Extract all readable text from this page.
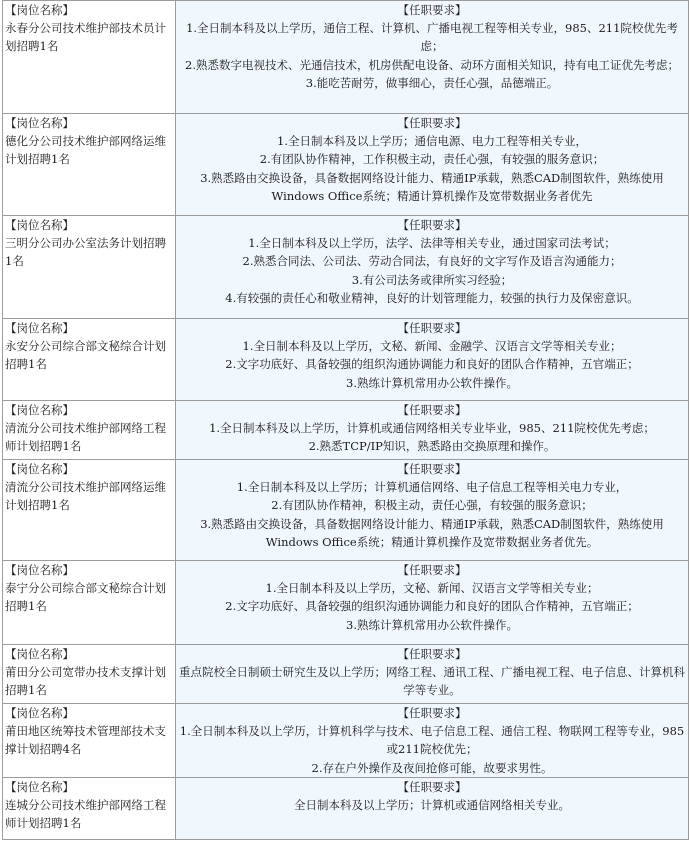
【岗位名称】
永春分公司技术维护部技术员计划招聘1名	【任职要求】
1.全日制本科及以上学历，通信工程、计算机、广播电视工程等相关专业，985、211院校优先考虑；
2.熟悉数字电视技术、光通信技术，机房供配电设备、动环方面相关知识，持有电工证优先考虑；
3.能吃苦耐劳，做事细心，责任心强，品德端正。

【岗位名称】
德化分公司技术维护部网络运维计划招聘1名	【任职要求】
1.全日制本科及以上学历；通信电源、电力工程等相关专业，
2.有团队协作精神，工作积极主动，责任心强，有较强的服务意识；
3.熟悉路由交换设备，具备数据网络设计能力、精通IP承载，熟悉CAD制图软件，熟练使用Windows Office系统；精通计算机操作及宽带数据业务者优先

【岗位名称】
三明分公司办公室法务计划招聘1名	【任职要求】
1.全日制本科及以上学历，法学、法律等相关专业，通过国家司法考试；
2.熟悉合同法、公司法、劳动合同法，有良好的文字写作及语言沟通能力；
3.有公司法务或律所实习经验；
4.有较强的责任心和敬业精神，良好的计划管理能力，较强的执行力及保密意识。

【岗位名称】
永安分公司综合部文秘综合计划招聘1名	【任职要求】
1.全日制本科及以上学历，文秘、新闻、金融学、汉语言文学等相关专业；
2.文字功底好、具备较强的组织沟通协调能力和良好的团队合作精神，五官端正；
3.熟练计算机常用办公软件操作。

【岗位名称】
清流分公司技术维护部网络工程师计划招聘1名	【任职要求】
1.全日制本科及以上学历，计算机或通信网络相关专业毕业，985、211院校优先考虑；
2.熟悉TCP/IP知识，熟悉路由交换原理和操作。

【岗位名称】
清流分公司技术维护部网络运维计划招聘1名	【任职要求】
1.全日制本科及以上学历；计算机通信网络、电子信息工程等相关电力专业，
2.有团队协作精神，积极主动，责任心强，有较强的服务意识；
3.熟悉路由交换设备，具备数据网络设计能力、精通IP承载，熟悉CAD制图软件，熟练使用Windows Office系统；精通计算机操作及宽带数据业务者优先。

【岗位名称】
泰宁分公司综合部文秘综合计划招聘1名	【任职要求】
1.全日制本科及以上学历，文秘、新闻、汉语言文学等相关专业；
2.文字功底好、具备较强的组织沟通协调能力和良好的团队合作精神，五官端正；
3.熟练计算机常用办公软件操作。

【岗位名称】
莆田分公司宽带办技术支撑计划招聘1名	【任职要求】
重点院校全日制硕士研究生及以上学历；网络工程、通讯工程、广播电视工程、电子信息、计算机科学等专业。

【岗位名称】
莆田地区统筹技术管理部技术支撑计划招聘4名	【任职要求】
1.全日制本科及以上学历，计算机科学与技术、电子信息工程、通信工程、物联网工程等专业，985或211院校优先；
2.存在户外操作及夜间抢修可能，故要求男性。

【岗位名称】
连城分公司技术维护部网络工程师计划招聘1名	【任职要求】
全日制本科及以上学历；计算机或通信网络相关专业。
